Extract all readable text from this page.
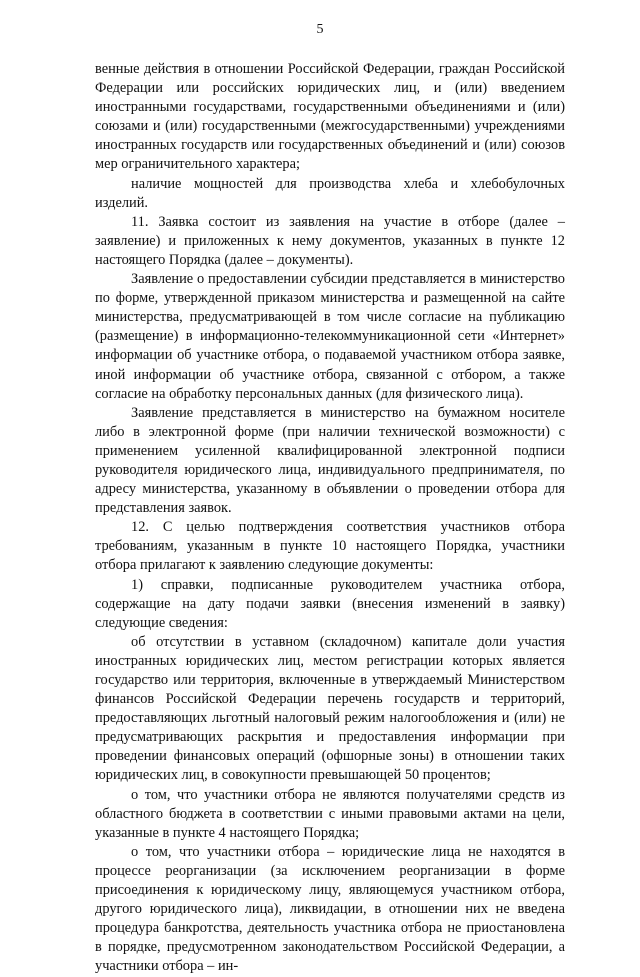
5

венные действия в отношении Российской Федерации, граждан Российской Федерации или российских юридических лиц, и (или) введением иностранными государствами, государственными объединениями и (или) союзами и (или) государственными (межгосударственными) учреждениями иностранных государств или государственных объединений и (или) союзов мер ограничительного характера;

наличие мощностей для производства хлеба и хлебобулочных изделий.

11. Заявка состоит из заявления на участие в отборе (далее – заявление) и приложенных к нему документов, указанных в пункте 12 настоящего Порядка (далее – документы).

Заявление о предоставлении субсидии представляется в министерство по форме, утвержденной приказом министерства и размещенной на сайте министерства, предусматривающей в том числе согласие на публикацию (размещение) в информационно-телекоммуникационной сети «Интернет» информации об участнике отбора, о подаваемой участником отбора заявке, иной информации об участнике отбора, связанной с отбором, а также согласие на обработку персональных данных (для физического лица).

Заявление представляется в министерство на бумажном носителе либо в электронной форме (при наличии технической возможности) с применением усиленной квалифицированной электронной подписи руководителя юридического лица, индивидуального предпринимателя, по адресу министерства, указанному в объявлении о проведении отбора для представления заявок.

12. С целью подтверждения соответствия участников отбора требованиям, указанным в пункте 10 настоящего Порядка, участники отбора прилагают к заявлению следующие документы:

1) справки, подписанные руководителем участника отбора, содержащие на дату подачи заявки (внесения изменений в заявку) следующие сведения:

об отсутствии в уставном (складочном) капитале доли участия иностранных юридических лиц, местом регистрации которых является государство или территория, включенные в утверждаемый Министерством финансов Российской Федерации перечень государств и территорий, предоставляющих льготный налоговый режим налогообложения и (или) не предусматривающих раскрытия и предоставления информации при проведении финансовых операций (офшорные зоны) в отношении таких юридических лиц, в совокупности превышающей 50 процентов;

о том, что участники отбора не являются получателями средств из областного бюджета в соответствии с иными правовыми актами на цели, указанные в пункте 4 настоящего Порядка;

о том, что участники отбора – юридические лица не находятся в процессе реорганизации (за исключением реорганизации в форме присоединения к юридическому лицу, являющемуся участником отбора, другого юридического лица), ликвидации, в отношении них не введена процедура банкротства, деятельность участника отбора не приостановлена в порядке, предусмотренном законодательством Российской Федерации, а участники отбора – ин-
